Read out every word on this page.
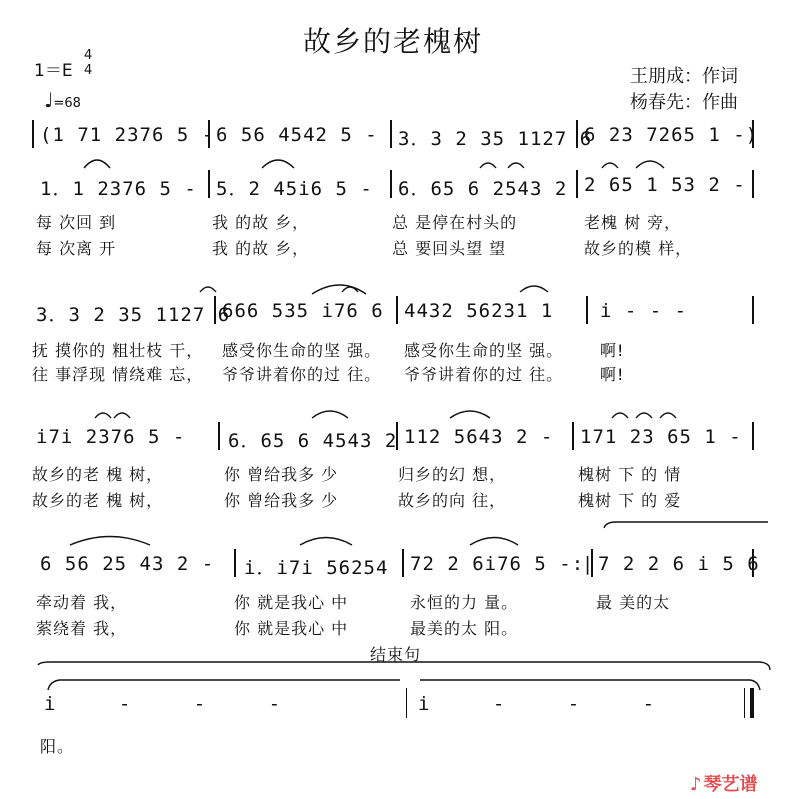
故乡的老槐树
1＝E
4
4
♩=68
王朋成：作词
杨春先：作曲
(1 71 2376 5 - 6 56 4542 5 - 3．3 2 35 1127 6
6 23 7265 1 -)
1．1 2376 5 - 5．2 45i6 5 - 6．65 6 2543 2 2 65 1 53 2 -
每 次回 到	我 的故 乡，	总 是停在村头的	老槐 树 旁，
每 次离 开	我 的故 乡，	总 要回头望 望	故乡的模 样，
3．3 2 35 1127 6
666 535 i76 6 4432 56231 1 i - - -
抚 摸你的 粗壮枝 干， 感受你生命的坚 强。 感受你生命的坚 强。 啊!
往 事浮现 情绕难 忘， 爷爷讲着你的过 往。 爷爷讲着你的过 往。 啊!
i7i 2376 5 - 6．65 6 4543 2 112 5643 2 - 171 23 65 1 -
故乡的老 槐 树，	你 曾给我多 少	归乡的幻 想，	槐树 下 的 情
故乡的老 槐 树，	你 曾给我多 少	故乡的向 往，	槐树 下 的 爱
6 56 25 43 2 - i．i7i 56254 72 2 6i76 5 -:‖ 7 2 2 6 i 5 6
牵动着 我，	你 就是我心 中	永恒的力 量。	最 美的太
萦绕着 我，	你 就是我心 中	最美的太 阳。
结束句
i - - -	i - - -
阳。
♪ 琴艺谱
